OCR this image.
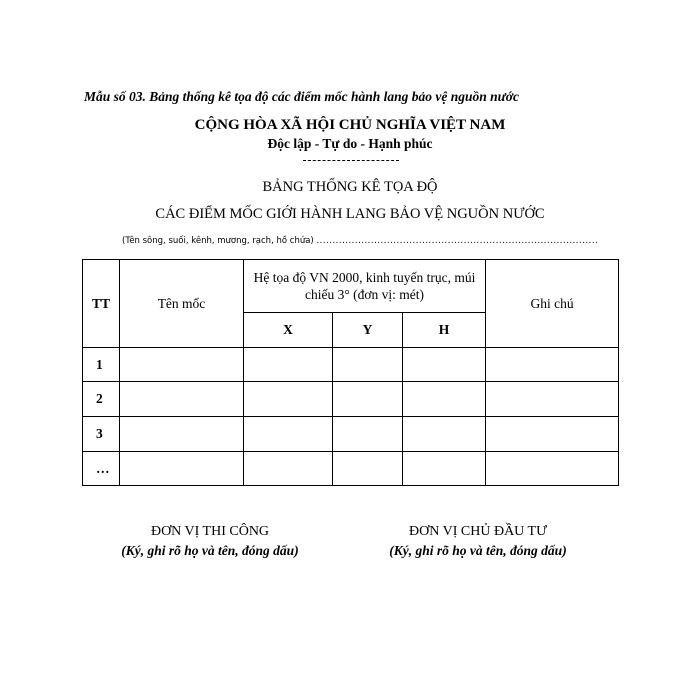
Mẫu số 03. Bảng thống kê tọa độ các điểm mốc hành lang bảo vệ nguồn nước
CỘNG HÒA XÃ HỘI CHỦ NGHĨA VIỆT NAM
Độc lập - Tự do - Hạnh phúc
BẢNG THỐNG KÊ TỌA ĐỘ
CÁC ĐIỂM MỐC GIỚI HÀNH LANG BẢO VỆ NGUỒN NƯỚC
(Tên sông, suối, kênh, mương, rạch, hồ chứa) ........................................................................................
TT	Tên mốc	Hệ tọa độ VN 2000, kinh tuyến trục, múi chiếu 3° (đơn vị: mét)			Ghi chú
		X	Y	H	
1					
2					
3					
…					
ĐƠN VỊ THI CÔNG
(Ký, ghi rõ họ và tên, đóng dấu)
ĐƠN VỊ CHỦ ĐẦU TƯ
(Ký, ghi rõ họ và tên, đóng dấu)
